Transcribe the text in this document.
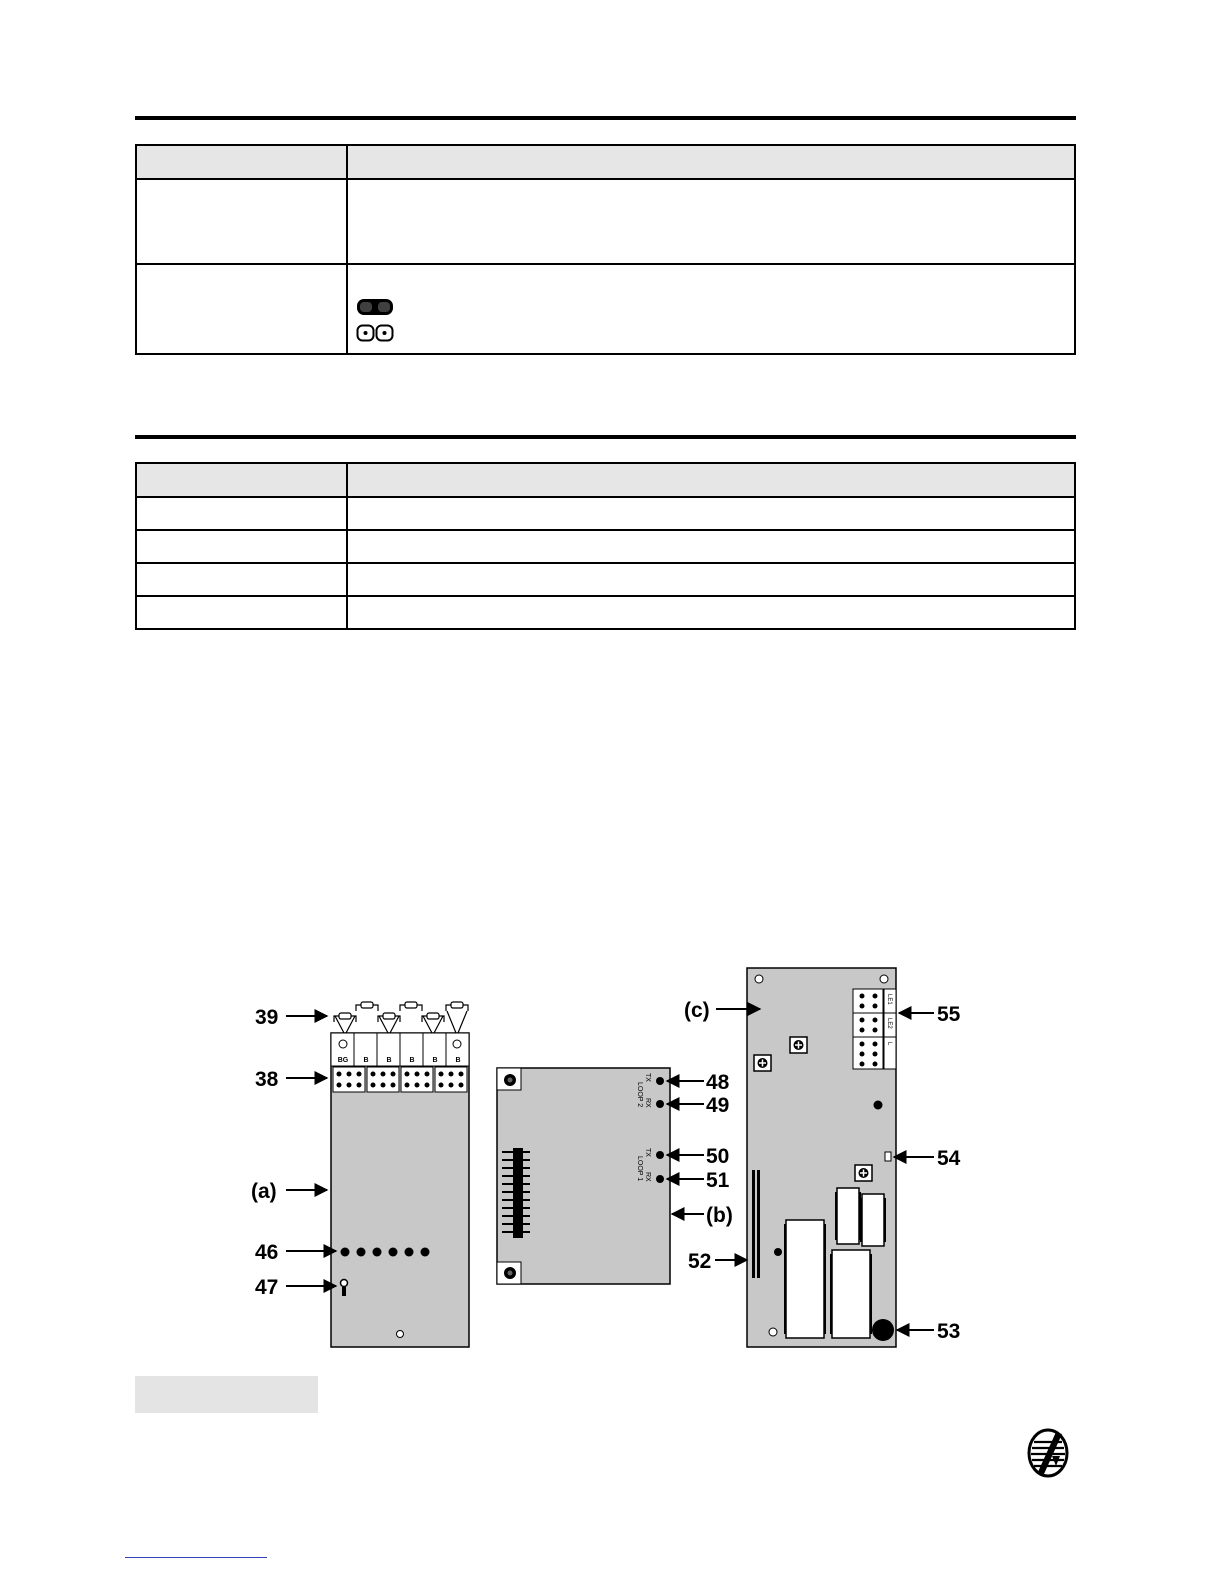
BG B	B	B	B	B
TX
LOOP 2 RX
TX
LOOP 1 RX
LE1
LE2
L
39
38
(a)
46
47
48
49
50
51
(b)
52
(c)	55
54
53
